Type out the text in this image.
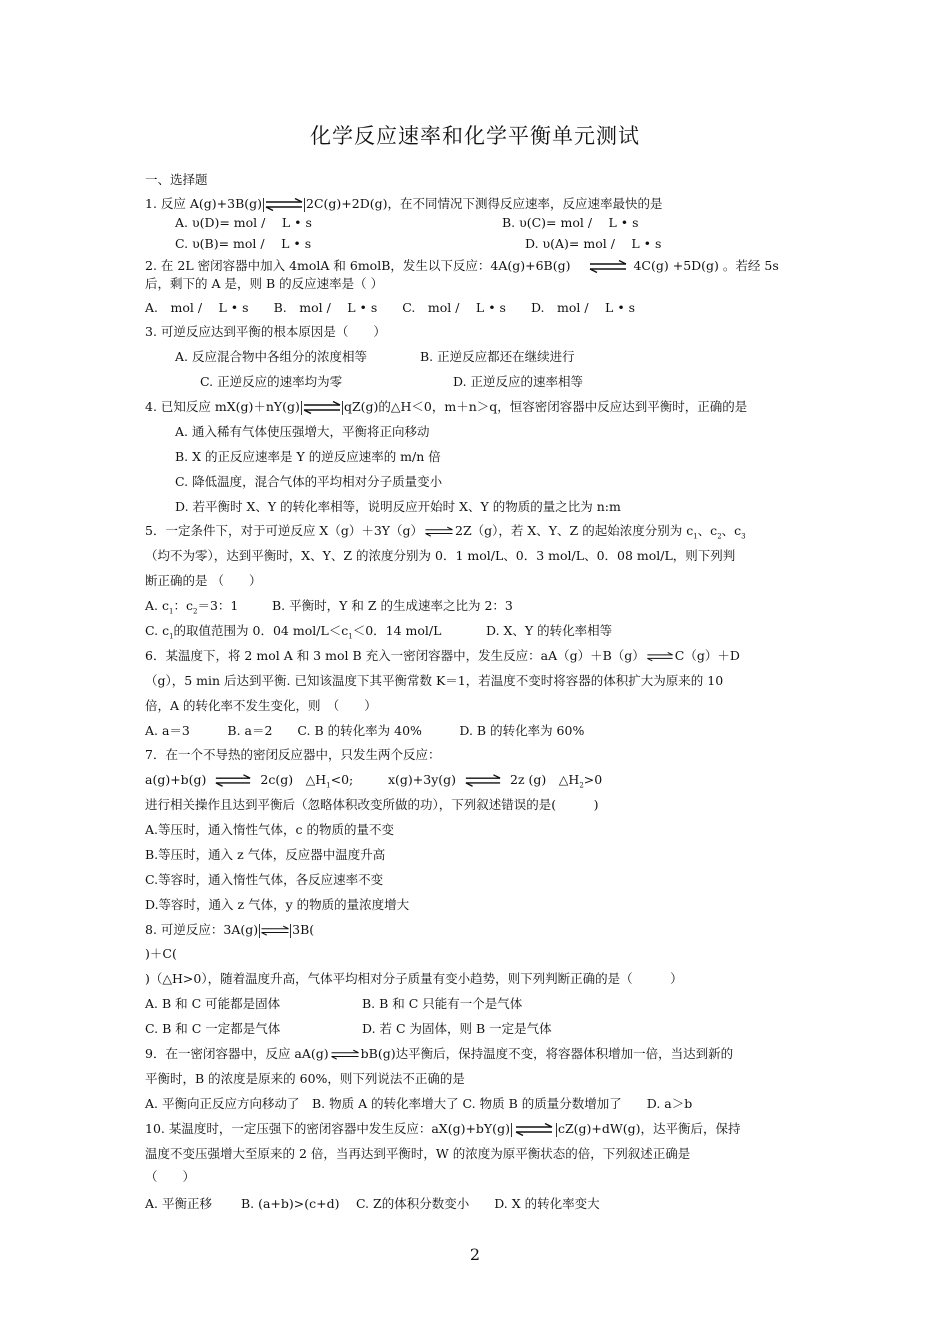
化学反应速率和化学平衡单元测试
一、选择题
1. 反应 A(g)+3B(g)	2C(g)+2D(g)，在不同情况下测得反应速率，反应速率最快的是
A. υ(D)= mol /　 L • s	B. υ(C)= mol /　 L • s
C. υ(B)= mol /　 L • s	D. υ(A)= mol /　 L • s
2. 在 2L 密闭容器中加入 4molA 和 6molB，发生以下反应：4A(g)+6B(g)	4C(g) +5D(g) 。若经 5s
后，剩下的 A 是，则 B 的反应速率是（ ）
A.　mol /　 L • s　　B.　mol /　 L • s　　C.　mol /　 L • s　　D.　mol /　 L • s
3. 可逆反应达到平衡的根本原因是（　　）
A. 反应混合物中各组分的浓度相等	B. 正逆反应都还在继续进行
C. 正逆反应的速率均为零	D. 正逆反应的速率相等
4. 已知反应 mX(g)＋nY(g)	qZ(g)的△H＜0，m＋n＞q，恒容密闭容器中反应达到平衡时，正确的是
A. 通入稀有气体使压强增大，平衡将正向移动
B. X 的正反应速率是 Y 的逆反应速率的 m/n 倍
C. 降低温度，混合气体的平均相对分子质量变小
D. 若平衡时 X、Y 的转化率相等，说明反应开始时 X、Y 的物质的量之比为 n:m
5．一定条件下，对于可逆反应 X（g）＋3Y（g）	2Z（g），若 X、Y、Z 的起始浓度分别为 $c_1$、$c_2$、$c_3$
（均不为零），达到平衡时，X、Y、Z 的浓度分别为 0．1 mol/L、0．3 mol/L、0．08 mol/L，则下列判
断正确的是 （　　）
A. $c_1$：$c_2=3$：1	B. 平衡时，Y 和 Z 的生成速率之比为 2：3
C. $c_1$的取值范围为 0．04 mol/$L<c_1<0$．14 mol/L	D. X、Y 的转化率相等
6．某温度下，将 2 mol A 和 3 mol B 充入一密闭容器中，发生反应：aA（g）＋B（g） C（g）＋D
（g），5 min 后达到平衡. 已知该温度下其平衡常数 K＝1，若温度不变时将容器的体积扩大为原来的 10
倍，A 的转化率不发生变化，则　（　　）
A. a＝3　　　B. a＝2　　C. B 的转化率为 40%　　　D. B 的转化率为 60%
7．在一个不导热的密闭反应器中，只发生两个反应：
a(g)+b(g)	2c(g)　$\triangle H_1<0$;	x(g)+3y(g)	2z (g)　$\triangle H_2>0$
进行相关操作且达到平衡后（忽略体积改变所做的功），下列叙述错误的是(　　　)
A.等压时，通入惰性气体，c 的物质的量不变
B.等压时，通入 z 气体，反应器中温度升高
C.等容时，通入惰性气体，各反应速率不变
D.等容时，通入 z 气体，y 的物质的量浓度增大
8. 可逆反应：3A(g)	3B(
)＋C(
)（△H>0），随着温度升高，气体平均相对分子质量有变小趋势，则下列判断正确的是（　　　）
A. B 和 C 可能都是固体	B. B 和 C 只能有一个是气体
C. B 和 C 一定都是气体	D. 若 C 为固体，则 B 一定是气体
9．在一密闭容器中，反应 aA(g)	bB(g)达平衡后，保持温度不变，将容器体积增加一倍，当达到新的
平衡时，B 的浓度是原来的 60%，则下列说法不正确的是
A. 平衡向正反应方向移动了　B. 物质 A 的转化率增大了 C. 物质 B 的质量分数增加了　　D. a＞b
10. 某温度时，一定压强下的密闭容器中发生反应：aX(g)+bY(g)	cZ(g)+dW(g)，达平衡后，保持
温度不变压强增大至原来的 2 倍，当再达到平衡时，W 的浓度为原平衡状态的倍，下列叙述正确是
（　　）
A. 平衡正移　　 B. (a+b)>(c+d)　 C. Z的体积分数变小　　D. X 的转化率变大
2
